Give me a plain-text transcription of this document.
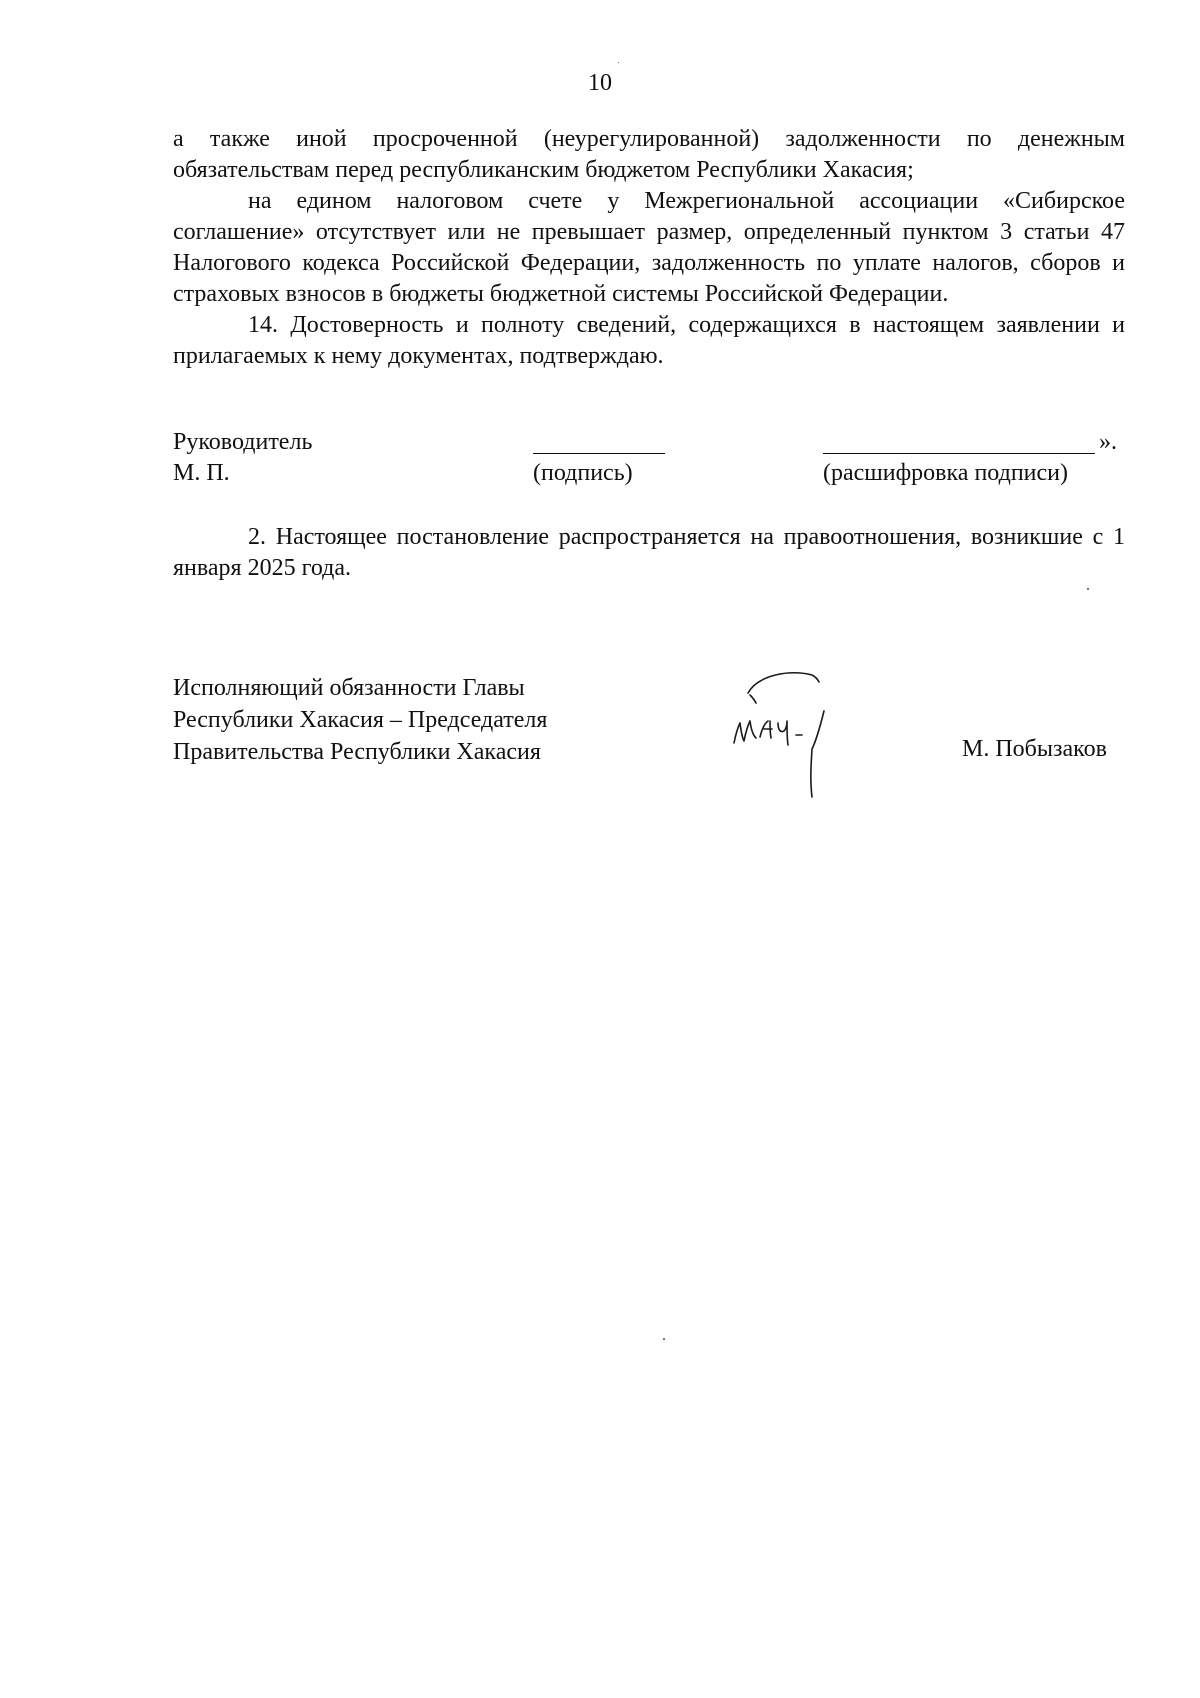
10

а также иной просроченной (неурегулированной) задолженности по денежным обязательствам перед республиканским бюджетом Республики Хакасия;

на едином налоговом счете у Межрегиональной ассоциации «Сибирское соглашение» отсутствует или не превышает размер, определенный пунктом 3 статьи 47 Налогового кодекса Российской Федерации, задолженность по уплате налогов, сборов и страховых взносов в бюджеты бюджетной системы Российской Федерации.

14. Достоверность и полноту сведений, содержащихся в настоящем заявлении и прилагаемых к нему документах, подтверждаю.

Руководитель
М. П.	(подпись)
».
(расшифровка подписи)

2. Настоящее постановление распространяется на правоотношения, возникшие с 1 января 2025 года.

Исполняющий обязанности Главы
Республики Хакасия – Председателя
Правительства Республики Хакасия	М. Побызаков
